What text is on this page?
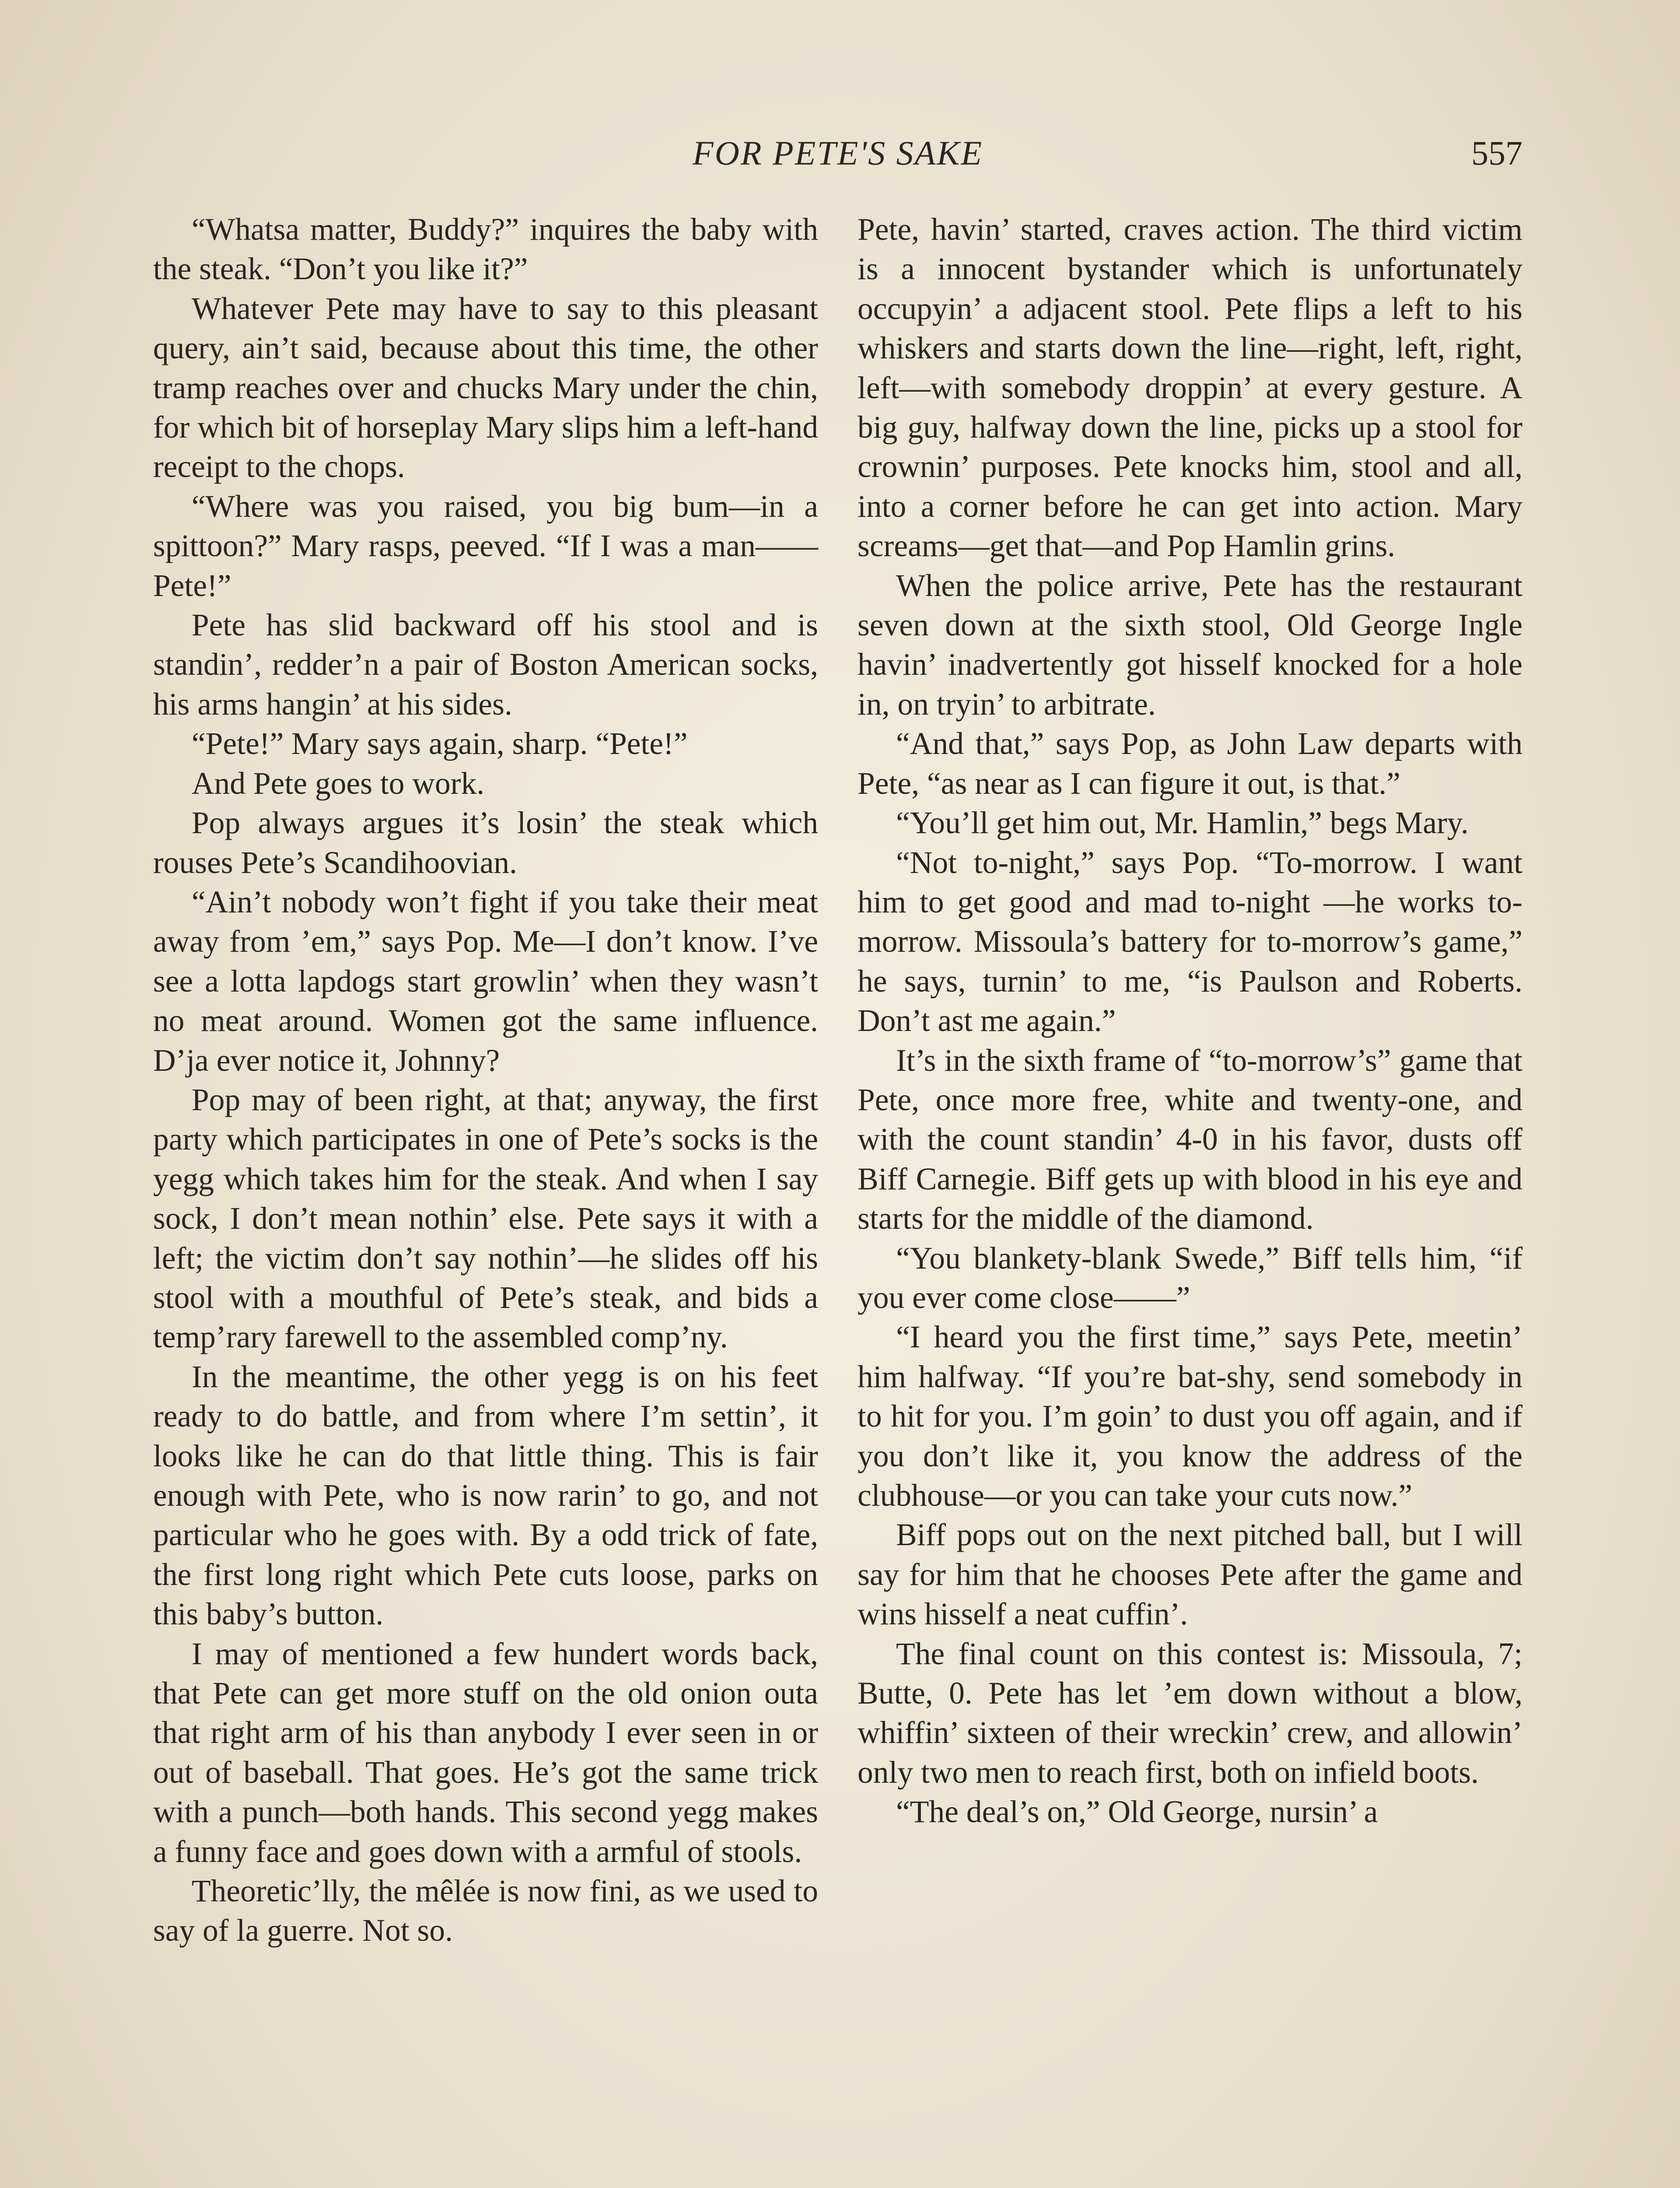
FOR PETE'S SAKE	557

“Whatsa matter, Buddy?” inquires the baby with the steak. “Don’t you like it?”

Whatever Pete may have to say to this pleasant query, ain’t said, because about this time, the other tramp reaches over and chucks Mary under the chin, for which bit of horseplay Mary slips him a left-hand receipt to the chops.

“Where was you raised, you big bum—in a spittoon?” Mary rasps, peeved. “If I was a man——Pete!”

Pete has slid backward off his stool and is standin’, redder’n a pair of Boston American socks, his arms hangin’ at his sides.

“Pete!” Mary says again, sharp. “Pete!”

And Pete goes to work.

Pop always argues it’s losin’ the steak which rouses Pete’s Scandihoovian.

“Ain’t nobody won’t fight if you take their meat away from ’em,” says Pop. Me—I don’t know. I’ve see a lotta lapdogs start growlin’ when they wasn’t no meat around. Women got the same influence. D’ja ever notice it, Johnny?

Pop may of been right, at that; anyway, the first party which participates in one of Pete’s socks is the yegg which takes him for the steak. And when I say sock, I don’t mean nothin’ else. Pete says it with a left; the victim don’t say nothin’—he slides off his stool with a mouthful of Pete’s steak, and bids a temp’rary farewell to the assembled comp’ny.

In the meantime, the other yegg is on his feet ready to do battle, and from where I’m settin’, it looks like he can do that little thing. This is fair enough with Pete, who is now rarin’ to go, and not particular who he goes with. By a odd trick of fate, the first long right which Pete cuts loose, parks on this baby’s button.

I may of mentioned a few hundert words back, that Pete can get more stuff on the old onion outa that right arm of his than anybody I ever seen in or out of baseball. That goes. He’s got the same trick with a punch—both hands. This second yegg makes a funny face and goes down with a armful of stools.

Theoretic’lly, the mêlée is now fini, as we used to say of la guerre. Not so.

Pete, havin’ started, craves action. The third victim is a innocent bystander which is unfortunately occupyin’ a adjacent stool. Pete flips a left to his whiskers and starts down the line—right, left, right, left—with somebody droppin’ at every gesture. A big guy, halfway down the line, picks up a stool for crownin’ purposes. Pete knocks him, stool and all, into a corner before he can get into action. Mary screams—get that—and Pop Hamlin grins.

When the police arrive, Pete has the restaurant seven down at the sixth stool, Old George Ingle havin’ inadvertently got hisself knocked for a hole in, on tryin’ to arbitrate.

“And that,” says Pop, as John Law departs with Pete, “as near as I can figure it out, is that.”

“You’ll get him out, Mr. Hamlin,” begs Mary.

“Not to-night,” says Pop. “To-morrow. I want him to get good and mad to-night —he works to-morrow. Missoula’s battery for to-morrow’s game,” he says, turnin’ to me, “is Paulson and Roberts. Don’t ast me again.”

It’s in the sixth frame of “to-morrow’s” game that Pete, once more free, white and twenty-one, and with the count standin’ 4-0 in his favor, dusts off Biff Carnegie. Biff gets up with blood in his eye and starts for the middle of the diamond.

“You blankety-blank Swede,” Biff tells him, “if you ever come close——”

“I heard you the first time,” says Pete, meetin’ him halfway. “If you’re bat-shy, send somebody in to hit for you. I’m goin’ to dust you off again, and if you don’t like it, you know the address of the clubhouse—or you can take your cuts now.”

Biff pops out on the next pitched ball, but I will say for him that he chooses Pete after the game and wins hisself a neat cuffin’.

The final count on this contest is: Missoula, 7; Butte, 0. Pete has let ’em down without a blow, whiffin’ sixteen of their wreckin’ crew, and allowin’ only two men to reach first, both on infield boots.

“The deal’s on,” Old George, nursin’ a
